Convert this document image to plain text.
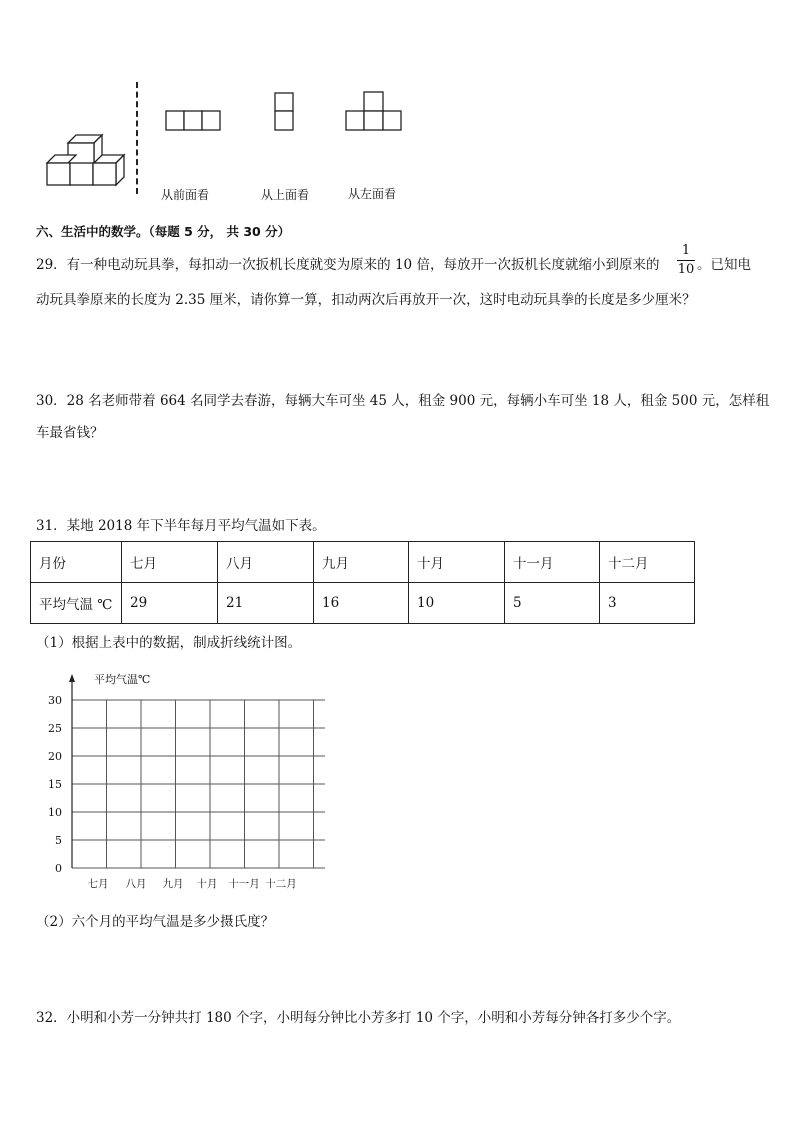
从前面看	从上面看	从左面看
六、生活中的数学。（每题 5 分， 共 30 分）
29．有一种电动玩具拳，每扣动一次扳机长度就变为原来的 10 倍，每放开一次扳机长度就缩小到原来的
1
10 。已知电
动玩具拳原来的长度为 2.35 厘米，请你算一算，扣动两次后再放开一次，这时电动玩具拳的长度是多少厘米？
30．28 名老师带着 664 名同学去春游，每辆大车可坐 45 人，租金 900 元，每辆小车可坐 18 人，租金 500 元，怎样租
车最省钱？
31．某地 2018 年下半年每月平均气温如下表。
月份	七月	八月	九月	十月	十一月	十二月
平均气温 ℃	29	21	16	10	5	3
（1）根据上表中的数据，制成折线统计图。
平均气温℃
30
25
20
15
10
5
0
七月 八月 九月 十月 十一月 十二月
（2）六个月的平均气温是多少摄氏度？
32．小明和小芳一分钟共打 180 个字，小明每分钟比小芳多打 10 个字，小明和小芳每分钟各打多少个字。
